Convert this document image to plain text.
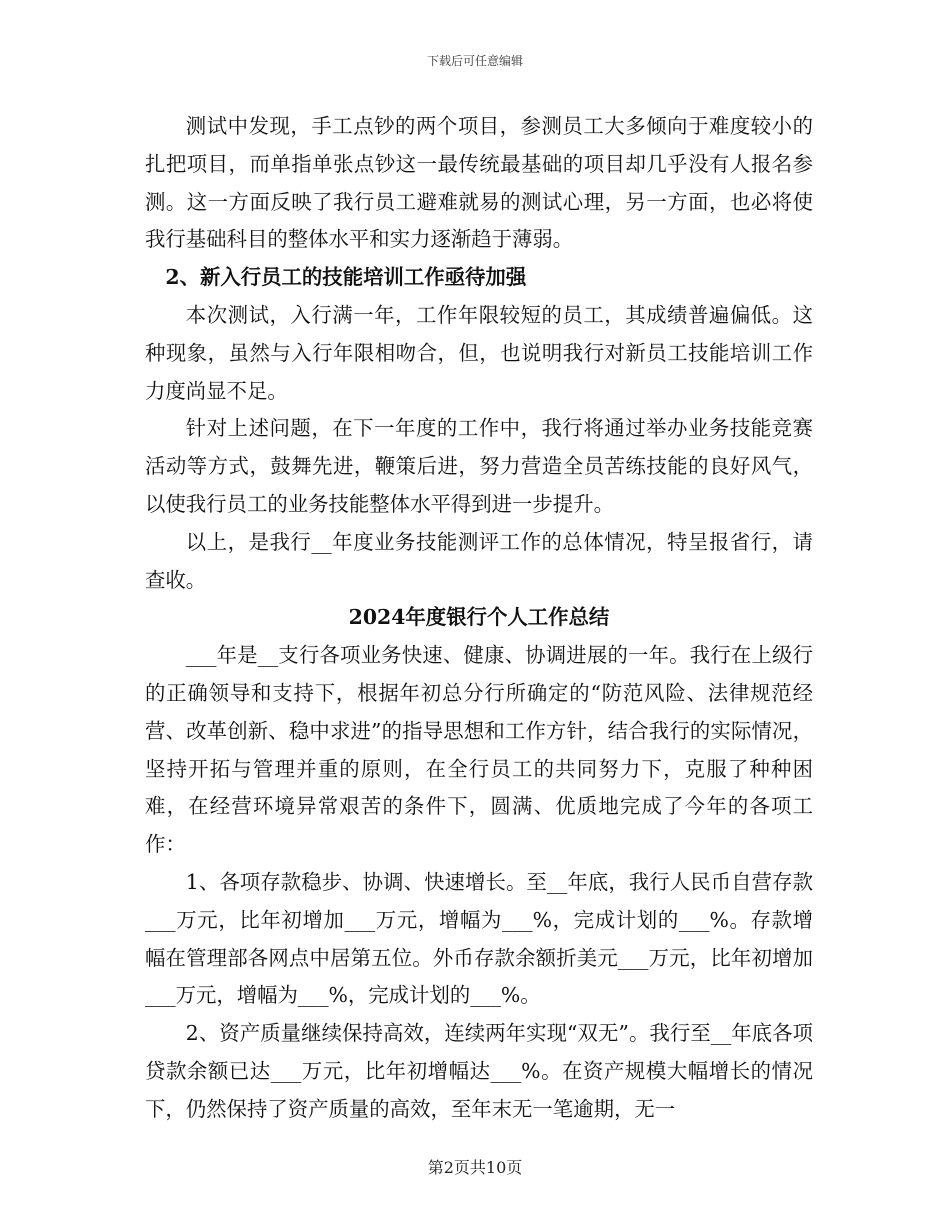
下载后可任意编辑

测试中发现，手工点钞的两个项目，参测员工大多倾向于难度较小的扎把项目，而单指单张点钞这一最传统最基础的项目却几乎没有人报名参测。这一方面反映了我行员工避难就易的测试心理，另一方面，也必将使我行基础科目的整体水平和实力逐渐趋于薄弱。

2、新入行员工的技能培训工作亟待加强

本次测试，入行满一年，工作年限较短的员工，其成绩普遍偏低。这种现象，虽然与入行年限相吻合，但，也说明我行对新员工技能培训工作力度尚显不足。

针对上述问题，在下一年度的工作中，我行将通过举办业务技能竞赛活动等方式，鼓舞先进，鞭策后进，努力营造全员苦练技能的良好风气，以使我行员工的业务技能整体水平得到进一步提升。

以上，是我行__年度业务技能测评工作的总体情况，特呈报省行，请查收。

2024年度银行个人工作总结

___年是__支行各项业务快速、健康、协调进展的一年。我行在上级行的正确领导和支持下，根据年初总分行所确定的“防范风险、法律规范经营、改革创新、稳中求进”的指导思想和工作方针，结合我行的实际情况，坚持开拓与管理并重的原则，在全行员工的共同努力下，克服了种种困难，在经营环境异常艰苦的条件下，圆满、优质地完成了今年的各项工作：

1、各项存款稳步、协调、快速增长。至__年底，我行人民币自营存款___万元，比年初增加___万元，增幅为___%，完成计划的___%。存款增幅在管理部各网点中居第五位。外币存款余额折美元___万元，比年初增加___万元，增幅为___%，完成计划的___%。

2、资产质量继续保持高效，连续两年实现“双无”。我行至__年底各项贷款余额已达___万元，比年初增幅达___%。在资产规模大幅增长的情况下，仍然保持了资产质量的高效，至年末无一笔逾期，无一

第2页共10页
